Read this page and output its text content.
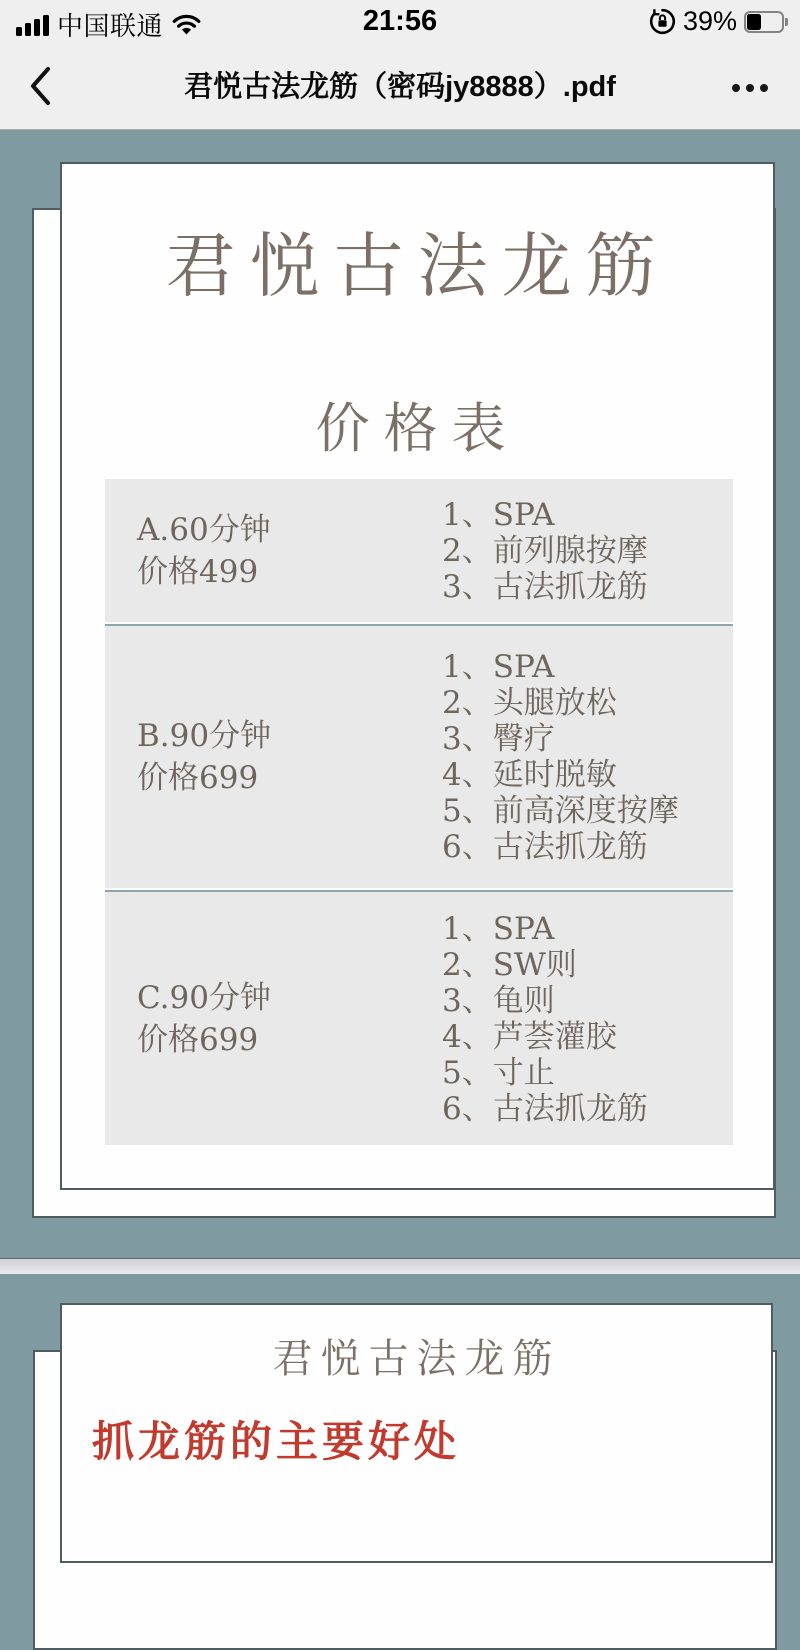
中国联通	21:56	39%
君悦古法龙筋（密码jy8888）.pdf
君悦古法龙筋
价格表
A.60分钟
价格499
1、SPA
2、前列腺按摩
3、古法抓龙筋
B.90分钟
价格699
1、SPA
2、头腿放松
3、臀疗
4、延时脱敏
5、前高深度按摩
6、古法抓龙筋
C.90分钟
价格699
1、SPA
2、SW则
3、龟则
4、芦荟灌胶
5、寸止
6、古法抓龙筋
君悦古法龙筋
抓龙筋的主要好处
